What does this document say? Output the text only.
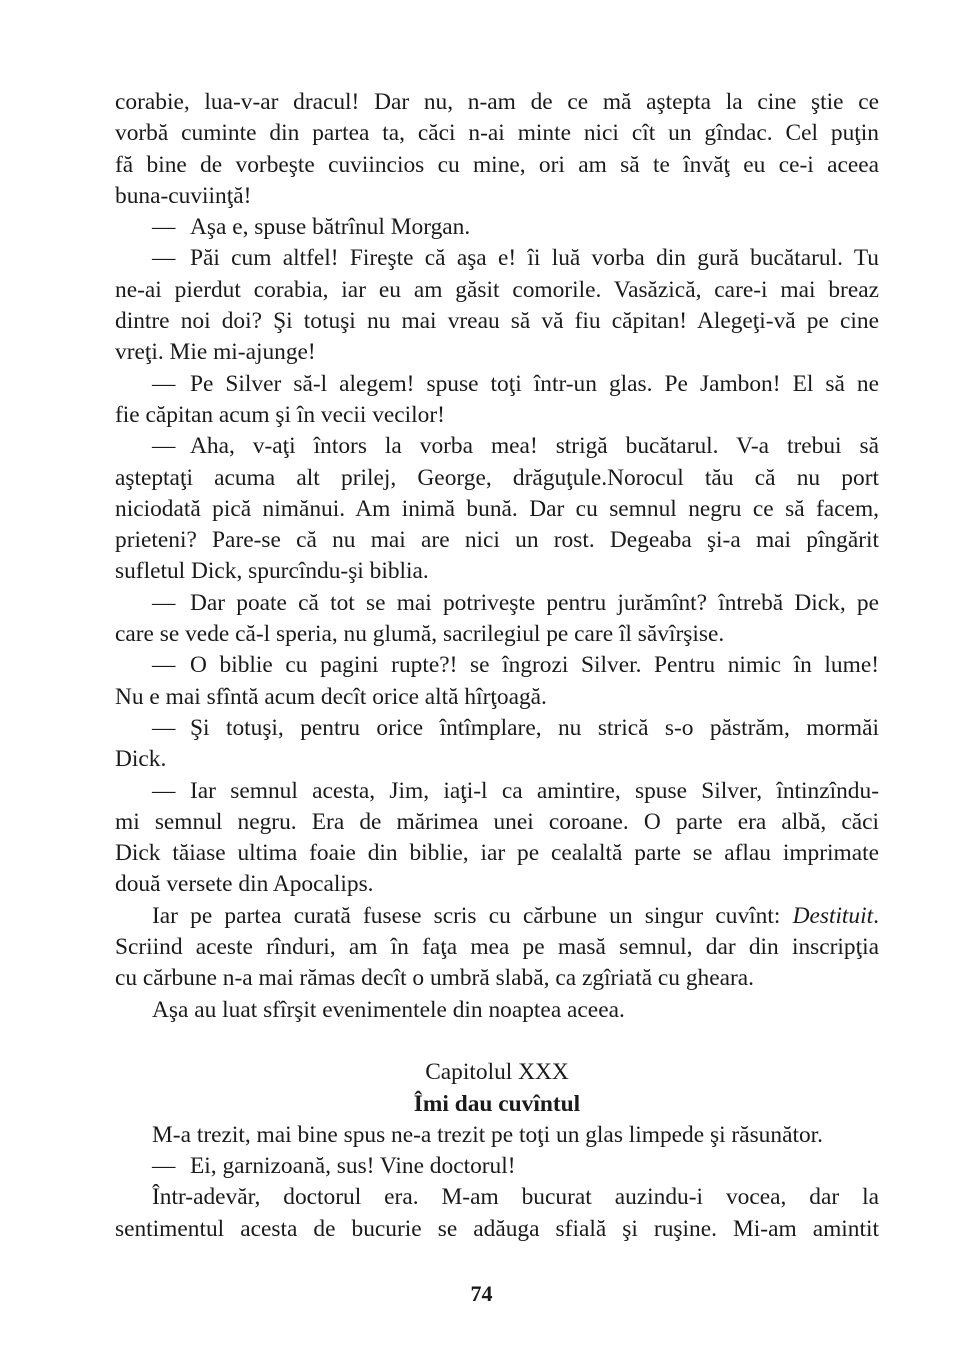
corabie, lua-v-ar dracul! Dar nu, n-am de ce mă aştepta la cine ştie ce
vorbă cuminte din partea ta, căci n-ai minte nici cît un gîndac. Cel puţin
fă bine de vorbeşte cuviincios cu mine, ori am să te învăţ eu ce-i aceea
buna-cuviinţă!
— Aşa e, spuse bătrînul Morgan.
— Păi cum altfel! Fireşte că aşa e! îi luă vorba din gură bucătarul. Tu
ne-ai pierdut corabia, iar eu am găsit comorile. Vasăzică, care-i mai breaz
dintre noi doi? Şi totuşi nu mai vreau să vă fiu căpitan! Alegeţi-vă pe cine
vreţi. Mie mi-ajunge!
— Pe Silver să-l alegem! spuse toţi într-un glas. Pe Jambon! El să ne
fie căpitan acum şi în vecii vecilor!
— Aha, v-aţi întors la vorba mea! strigă bucătarul. V-a trebui să
aşteptaţi acuma alt prilej, George, drăguţule.Norocul tău că nu port
niciodată pică nimănui. Am inimă bună. Dar cu semnul negru ce să facem,
prieteni? Pare-se că nu mai are nici un rost. Degeaba şi-a mai pîngărit
sufletul Dick, spurcîndu-şi biblia.
— Dar poate că tot se mai potriveşte pentru jurămînt? întrebă Dick, pe
care se vede că-l speria, nu glumă, sacrilegiul pe care îl săvîrşise.
— O biblie cu pagini rupte?! se îngrozi Silver. Pentru nimic în lume!
Nu e mai sfîntă acum decît orice altă hîrţoagă.
— Şi totuşi, pentru orice întîmplare, nu strică s-o păstrăm, mormăi
Dick.
— Iar semnul acesta, Jim, iaţi-l ca amintire, spuse Silver, întinzîndu-
mi semnul negru. Era de mărimea unei coroane. O parte era albă, căci
Dick tăiase ultima foaie din biblie, iar pe cealaltă parte se aflau imprimate
două versete din Apocalips.
Iar pe partea curată fusese scris cu cărbune un singur cuvînt: Destituit.
Scriind aceste rînduri, am în faţa mea pe masă semnul, dar din inscripţia
cu cărbune n-a mai rămas decît o umbră slabă, ca zgîriată cu gheara.
Aşa au luat sfîrşit evenimentele din noaptea aceea.
Capitolul XXX
Îmi dau cuvîntul
M-a trezit, mai bine spus ne-a trezit pe toţi un glas limpede şi răsunător.
— Ei, garnizoană, sus! Vine doctorul!
Într-adevăr, doctorul era. M-am bucurat auzindu-i vocea, dar la
sentimentul acesta de bucurie se adăuga sfială şi ruşine. Mi-am amintit
74
